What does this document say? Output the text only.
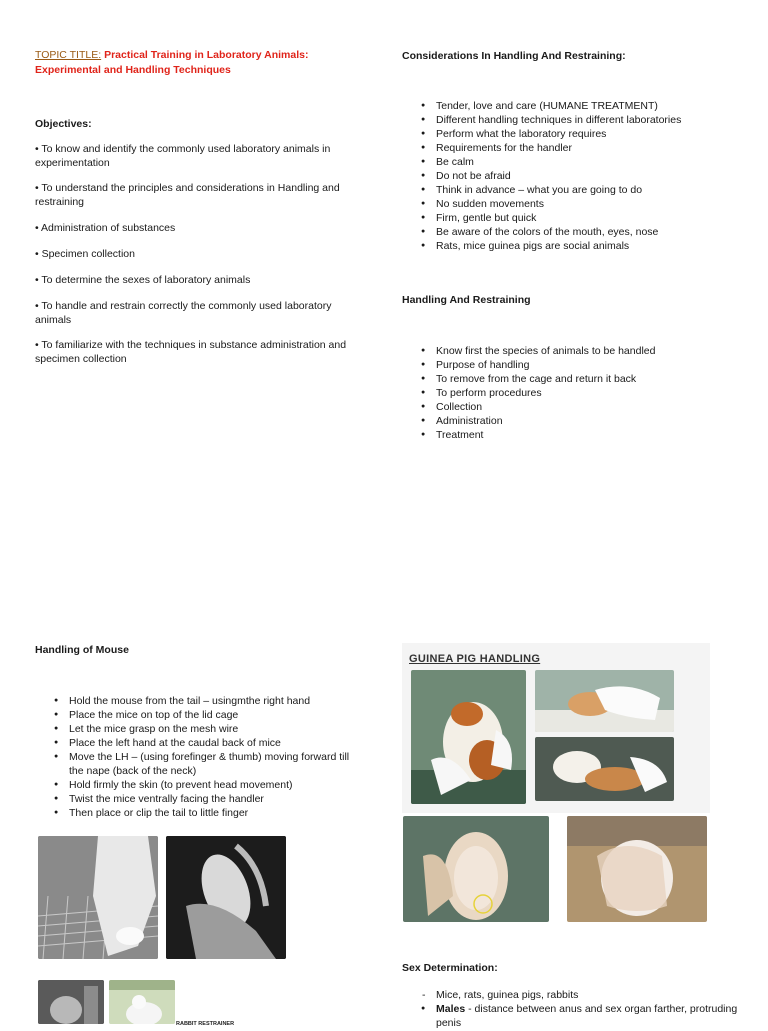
TOPIC TITLE: Practical Training in Laboratory Animals: Experimental and Handling Techniques
Objectives:

• To know and identify the commonly used laboratory animals in experimentation

• To understand the principles and considerations in Handling and restraining

• Administration of substances

• Specimen collection

• To determine the sexes of laboratory animals

• To handle and restrain correctly the commonly used laboratory animals

• To familiarize with the techniques in substance administration and specimen collection

Considerations In Handling And Restraining:
● Tender, love and care (HUMANE TREATMENT)
● Different handling techniques in different laboratories
● Perform what the laboratory requires
● Requirements for the handler
● Be calm
● Do not be afraid
● Think in advance – what you are going to do
● No sudden movements
● Firm, gentle but quick
● Be aware of the colors of the mouth, eyes, nose
● Rats, mice guinea pigs are social animals
Handling And Restraining
● Know first the species of animals to be handled
● Purpose of handling
● To remove from the cage and return it back
● To perform procedures
● Collection
● Administration
● Treatment
Handling of Mouse
● Hold the mouse from the tail – usingmthe right hand
● Place the mice on top of the lid cage
● Let the mice grasp on the mesh wire
● Place the left hand at the caudal back of mice
● Move the LH – (using forefinger & thumb) moving forward till the nape (back of the neck)
● Hold firmly the skin (to prevent head movement)
● Twist the mice ventrally facing the handler
● Then place or clip the tail to little finger
RABBIT RESTRAINER
GUINEA PIG HANDLING
Sex Determination:
- Mice, rats, guinea pigs, rabbits
● Males - distance between anus and sex organ farther, protruding penis
